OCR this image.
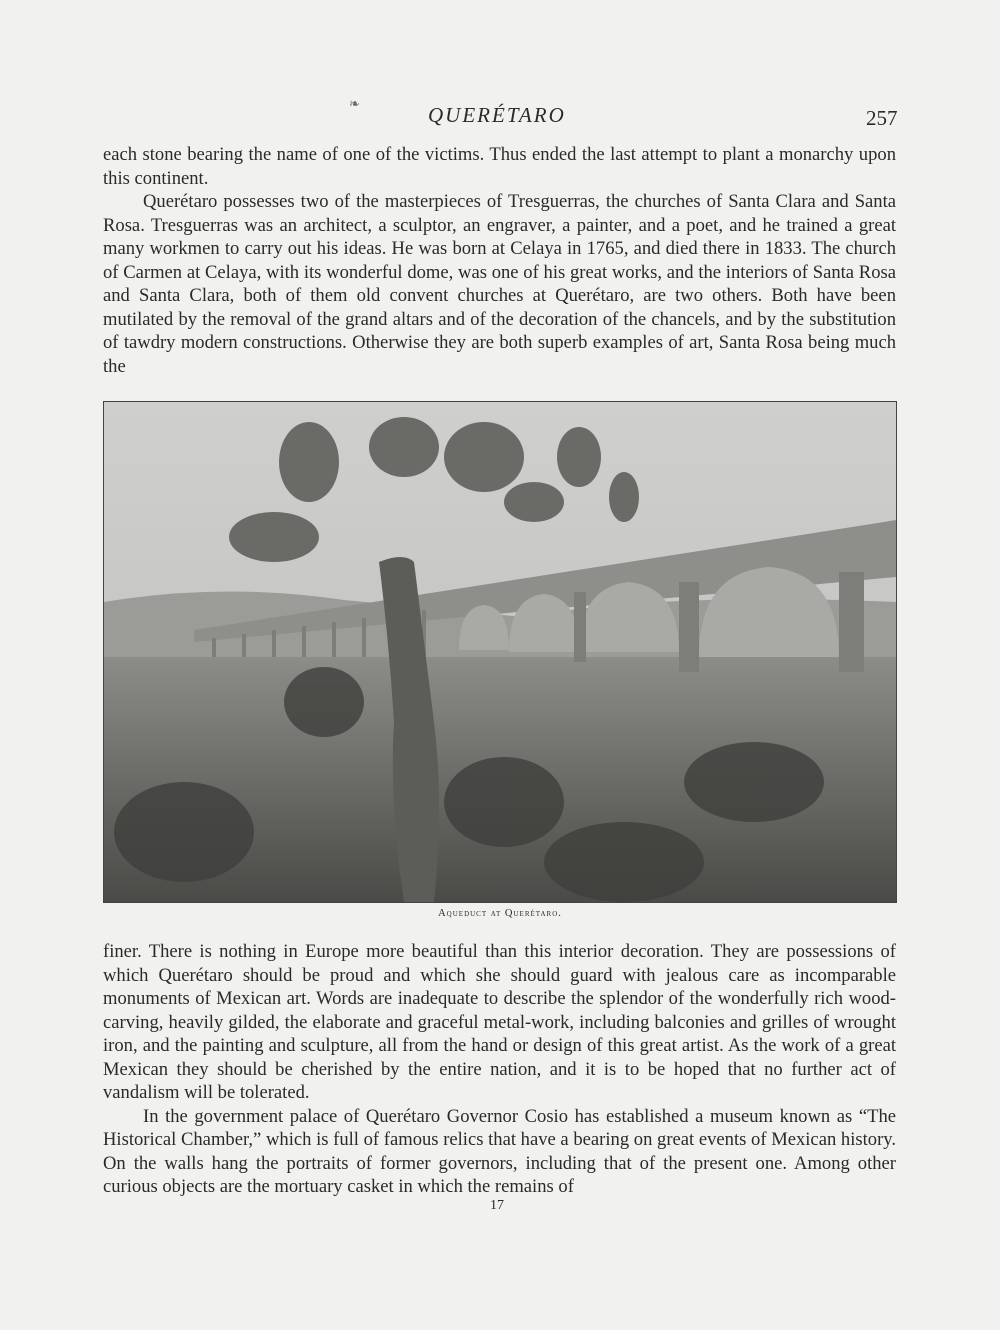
❧	QUERÉTARO	257

each stone bearing the name of one of the victims. Thus ended the last attempt to plant a monarchy upon this continent.

Querétaro possesses two of the masterpieces of Tresguerras, the churches of Santa Clara and Santa Rosa. Tresguerras was an architect, a sculptor, an engraver, a painter, and a poet, and he trained a great many workmen to carry out his ideas. He was born at Celaya in 1765, and died there in 1833. The church of Carmen at Celaya, with its wonderful dome, was one of his great works, and the interiors of Santa Rosa and Santa Clara, both of them old convent churches at Querétaro, are two others. Both have been mutilated by the removal of the grand altars and of the decoration of the chancels, and by the substitution of tawdry modern constructions. Otherwise they are both superb examples of art, Santa Rosa being much the

Aqueduct at Querétaro.

finer. There is nothing in Europe more beautiful than this interior decoration. They are possessions of which Querétaro should be proud and which she should guard with jealous care as incomparable monuments of Mexican art. Words are inadequate to describe the splendor of the wonderfully rich wood-carving, heavily gilded, the elaborate and graceful metal-work, including balconies and grilles of wrought iron, and the painting and sculpture, all from the hand or design of this great artist. As the work of a great Mexican they should be cherished by the entire nation, and it is to be hoped that no further act of vandalism will be tolerated.

In the government palace of Querétaro Governor Cosio has established a museum known as “The Historical Chamber,” which is full of famous relics that have a bearing on great events of Mexican history. On the walls hang the portraits of former governors, including that of the present one. Among other curious objects are the mortuary casket in which the remains of

17
